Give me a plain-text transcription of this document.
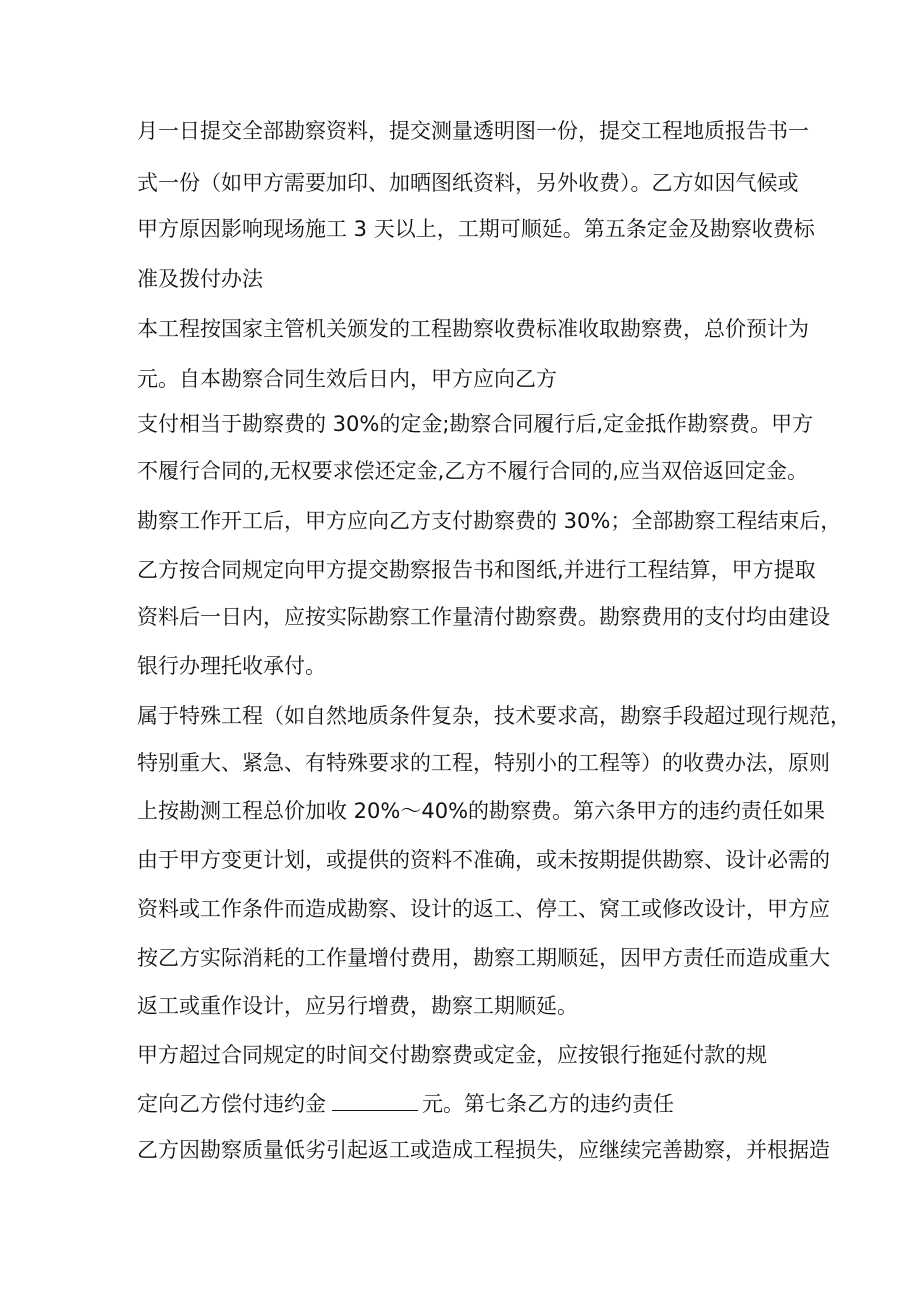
月一日提交全部勘察资料，提交测量透明图一份，提交工程地质报告书一

式一份（如甲方需要加印、加晒图纸资料，另外收费）。乙方如因气候或

甲方原因影响现场施工 3 天以上，工期可顺延。第五条定金及勘察收费标

准及拨付办法

本工程按国家主管机关颁发的工程勘察收费标准收取勘察费，总价预计为

元。自本勘察合同生效后日内，甲方应向乙方

支付相当于勘察费的 30%的定金;勘察合同履行后,定金抵作勘察费。甲方

不履行合同的,无权要求偿还定金,乙方不履行合同的,应当双倍返回定金。

勘察工作开工后，甲方应向乙方支付勘察费的 30%；全部勘察工程结束后，

乙方按合同规定向甲方提交勘察报告书和图纸,并进行工程结算，甲方提取

资料后一日内，应按实际勘察工作量清付勘察费。勘察费用的支付均由建设

银行办理托收承付。

属于特殊工程（如自然地质条件复杂，技术要求高，勘察手段超过现行规范，

特别重大、紧急、有特殊要求的工程，特别小的工程等）的收费办法，原则

上按勘测工程总价加收 20%～40%的勘察费。第六条甲方的违约责任如果

由于甲方变更计划，或提供的资料不准确，或未按期提供勘察、设计必需的

资料或工作条件而造成勘察、设计的返工、停工、窝工或修改设计，甲方应

按乙方实际消耗的工作量增付费用，勘察工期顺延，因甲方责任而造成重大

返工或重作设计，应另行增费，勘察工期顺延。

甲方超过合同规定的时间交付勘察费或定金，应按银行拖延付款的规

定向乙方偿付违约金	元。第七条乙方的违约责任

乙方因勘察质量低劣引起返工或造成工程损失，应继续完善勘察，并根据造
